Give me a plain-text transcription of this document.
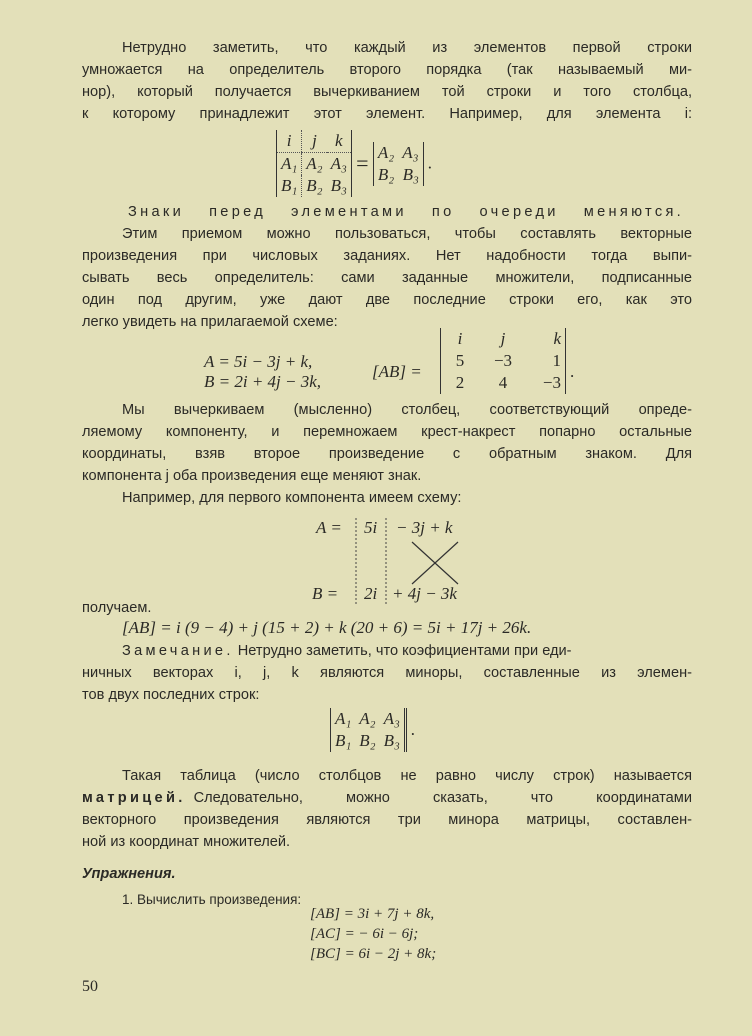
Нетрудно заметить, что каждый из элементов первой строки
умножается на определитель второго порядка (так называемый ми-
нор), который получается вычеркиванием той строки и того столбца,
к которому принадлежит этот элемент. Например, для элемента i:
i	j	k
A₁	A₂	A₃
B₁	B₂	B₃ = A₂  A₃
B₂  B₃ .
Знаки перед элементами по очереди меняются.
Этим приемом можно пользоваться, чтобы составлять векторные
произведения при числовых заданиях. Нет надобности тогда выпи-
сывать весь определитель: сами заданные множители, подписанные
один под другим, уже дают две последние строки его, как это
легко увидеть на прилагаемой схеме:
A = 5i − 3j + k,
B = 2i + 4j − 3k,
[AB] =
i	j	k
5	−3	1
2	4	−3
.
Мы вычеркиваем (мысленно) столбец, соответствующий опреде-
ляемому компоненту, и перемножаем крест-накрест попарно остальные
координаты, взяв второе произведение с обратным знаком. Для
компонента j оба произведения еще меняют знак.
Например, для первого компонента имеем схему:
A = 5i − 3j + k
B = 2i + 4j − 3k
получаем.
[AB] = i (9 − 4) + j (15 + 2) + k (20 + 6) = 5i + 17j + 26k.
Замечание. Нетрудно заметить, что коэфициентами при еди-
ничных векторах i, j, k являются миноры, составленные из элемен-
тов двух последних строк:
A₁	A₂	A₃
B₁	B₂	B₃ .
Такая таблица (число столбцов не равно числу строк) называется
матрицей. Следовательно, можно сказать, что координатами
векторного произведения являются три минора матрицы, составлен-
ной из координат множителей.
Упражнения.
1. Вычислить произведения:
[AB] = 3i + 7j + 8k,
[AC] = − 6i − 6j;
[BC] = 6i − 2j + 8k;
50
